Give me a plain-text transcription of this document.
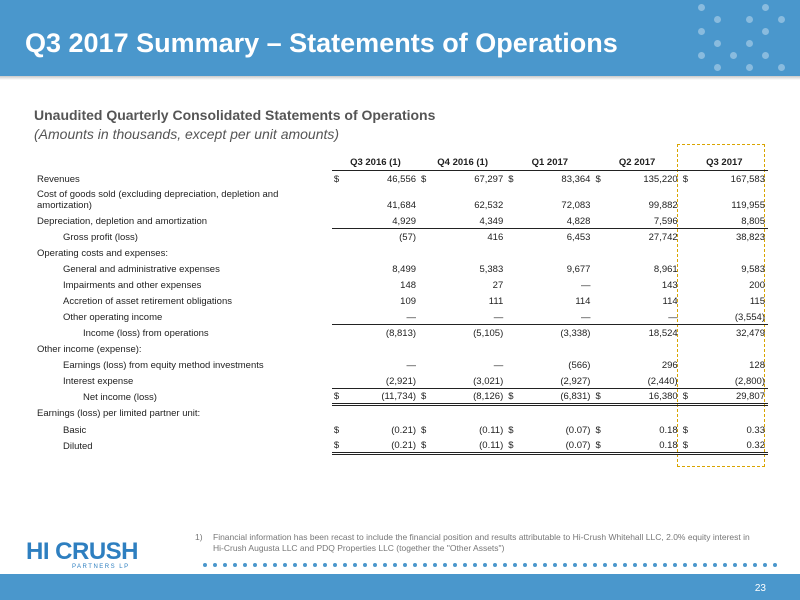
Q3 2017 Summary – Statements of Operations
Unaudited Quarterly Consolidated Statements of Operations
(Amounts in thousands, except per unit amounts)
	Q3 2016 (1)		Q4 2016 (1)		Q1 2017		Q2 2017		Q3 2017	
Revenues	$	46,556	$	67,297	$	83,364	$	135,220	$	167,583
Cost of goods sold (excluding depreciation, depletion and amortization)		41,684		62,532		72,083		99,882		119,955
Depreciation, depletion and amortization		4,929		4,349		4,828		7,596		8,805
Gross profit (loss)		(57)		416		6,453		27,742		38,823
Operating costs and expenses:										
General and administrative expenses		8,499		5,383		9,677		8,961		9,583
Impairments and other expenses		148		27		—		143		200
Accretion of asset retirement obligations		109		111		114		114		115
Other operating income		—		—		—		—		(3,554)
Income (loss) from operations		(8,813)		(5,105)		(3,338)		18,524		32,479
Other income (expense):										
Earnings (loss) from equity method investments		—		—		(566)		296		128
Interest expense		(2,921)		(3,021)		(2,927)		(2,440)		(2,800)
Net income (loss)	$	(11,734)	$	(8,126)	$	(6,831)	$	16,380	$	29,807
Earnings (loss) per limited partner unit:										
Basic	$	(0.21)	$	(0.11)	$	(0.07)	$	0.18	$	0.33
Diluted	$	(0.21)	$	(0.11)	$	(0.07)	$	0.18	$	0.32
1) Financial information has been recast to include the financial position and results attributable to Hi-Crush Whitehall LLC, 2.0% equity interest in Hi-Crush Augusta LLC and PDQ Properties LLC (together the "Other Assets")
HI CRUSH
PARTNERS LP
23
